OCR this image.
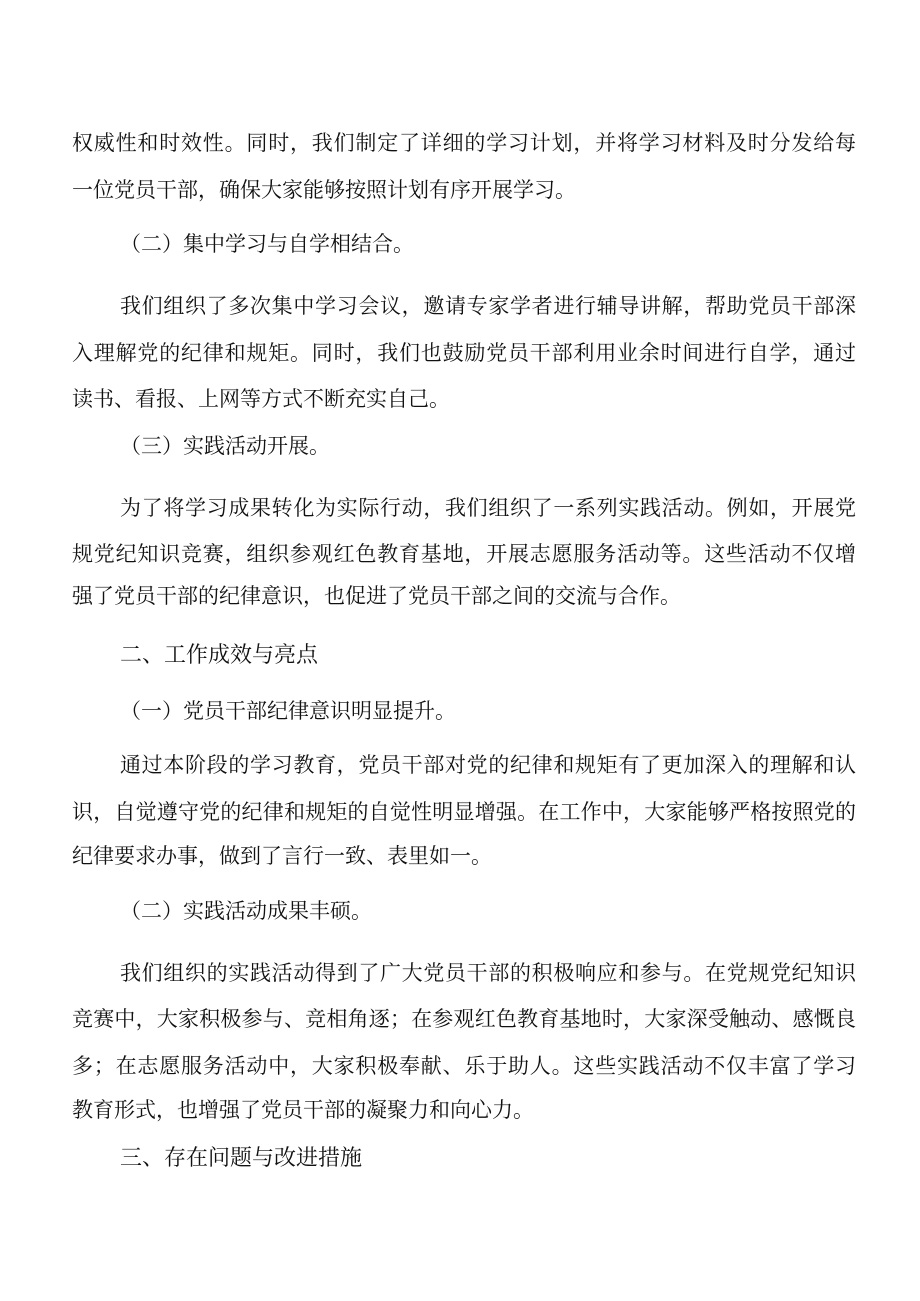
权威性和时效性。同时，我们制定了详细的学习计划，并将学习材料及时分发给每
一位党员干部，确保大家能够按照计划有序开展学习。
（二）集中学习与自学相结合。
我们组织了多次集中学习会议，邀请专家学者进行辅导讲解，帮助党员干部深
入理解党的纪律和规矩。同时，我们也鼓励党员干部利用业余时间进行自学，通过
读书、看报、上网等方式不断充实自己。
（三）实践活动开展。
为了将学习成果转化为实际行动，我们组织了一系列实践活动。例如，开展党
规党纪知识竞赛，组织参观红色教育基地，开展志愿服务活动等。这些活动不仅增
强了党员干部的纪律意识，也促进了党员干部之间的交流与合作。
二、工作成效与亮点
（一）党员干部纪律意识明显提升。
通过本阶段的学习教育，党员干部对党的纪律和规矩有了更加深入的理解和认
识，自觉遵守党的纪律和规矩的自觉性明显增强。在工作中，大家能够严格按照党的
纪律要求办事，做到了言行一致、表里如一。
（二）实践活动成果丰硕。
我们组织的实践活动得到了广大党员干部的积极响应和参与。在党规党纪知识
竞赛中，大家积极参与、竞相角逐；在参观红色教育基地时，大家深受触动、感慨良
多；在志愿服务活动中，大家积极奉献、乐于助人。这些实践活动不仅丰富了学习
教育形式，也增强了党员干部的凝聚力和向心力。
三、存在问题与改进措施
